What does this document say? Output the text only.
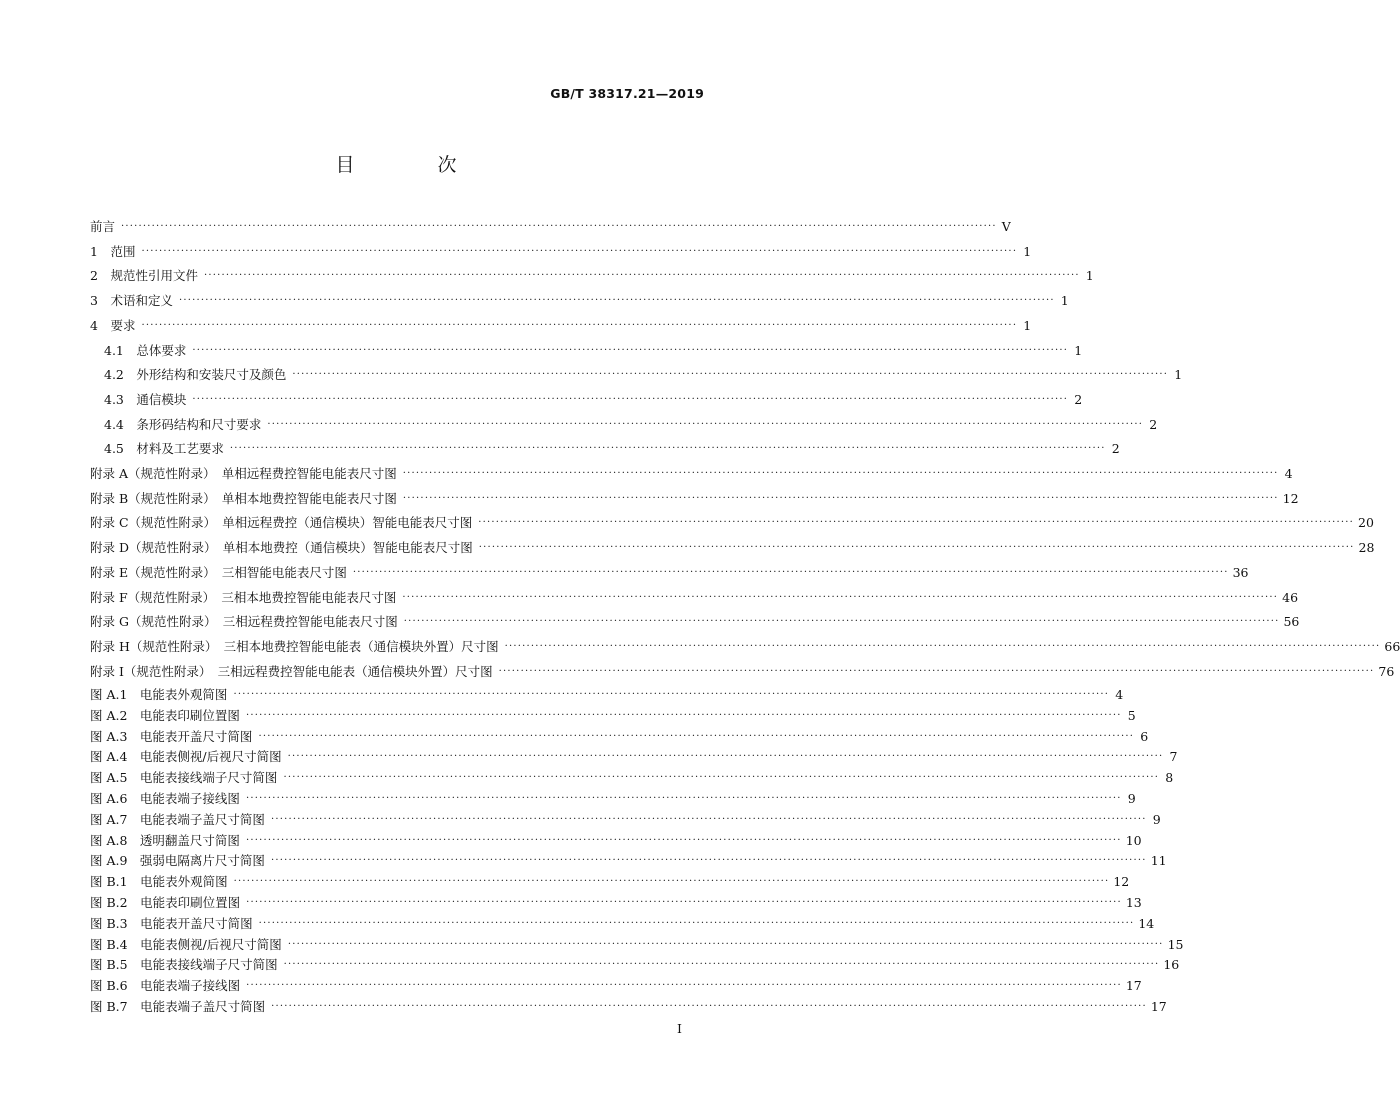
GB/T 38317.21—2019
目　次
前言 ········································································································································································································ V
1　范围 ········································································································································································································ 1
2　规范性引用文件 ········································································································································································································ 1
3　术语和定义 ········································································································································································································ 1
4　要求 ········································································································································································································ 1
4.1　总体要求 ········································································································································································································ 1
4.2　外形结构和安装尺寸及颜色 ········································································································································································································ 1
4.3　通信模块 ········································································································································································································ 2
4.4　条形码结构和尺寸要求 ········································································································································································································ 2
4.5　材料及工艺要求 ········································································································································································································ 2
附录 A（规范性附录）　单相远程费控智能电能表尺寸图 ········································································································································································································ 4
附录 B（规范性附录）　单相本地费控智能电能表尺寸图 ········································································································································································································ 12
附录 C（规范性附录）　单相远程费控（通信模块）智能电能表尺寸图 ········································································································································································································ 20
附录 D（规范性附录）　单相本地费控（通信模块）智能电能表尺寸图 ········································································································································································································ 28
附录 E（规范性附录）　三相智能电能表尺寸图 ········································································································································································································ 36
附录 F（规范性附录）　三相本地费控智能电能表尺寸图 ········································································································································································································ 46
附录 G（规范性附录）　三相远程费控智能电能表尺寸图 ········································································································································································································ 56
附录 H（规范性附录）　三相本地费控智能电能表（通信模块外置）尺寸图 ········································································································································································································ 66
附录 I（规范性附录）　三相远程费控智能电能表（通信模块外置）尺寸图 ········································································································································································································ 76
图 A.1　电能表外观简图 ········································································································································································································ 4
图 A.2　电能表印刷位置图 ········································································································································································································ 5
图 A.3　电能表开盖尺寸简图 ········································································································································································································ 6
图 A.4　电能表侧视/后视尺寸简图 ········································································································································································································ 7
图 A.5　电能表接线端子尺寸简图 ········································································································································································································ 8
图 A.6　电能表端子接线图 ········································································································································································································ 9
图 A.7　电能表端子盖尺寸简图 ········································································································································································································ 9
图 A.8　透明翻盖尺寸简图 ········································································································································································································ 10
图 A.9　强弱电隔离片尺寸简图 ········································································································································································································ 11
图 B.1　电能表外观简图 ········································································································································································································ 12
图 B.2　电能表印刷位置图 ········································································································································································································ 13
图 B.3　电能表开盖尺寸简图 ········································································································································································································ 14
图 B.4　电能表侧视/后视尺寸简图 ········································································································································································································ 15
图 B.5　电能表接线端子尺寸简图 ········································································································································································································ 16
图 B.6　电能表端子接线图 ········································································································································································································ 17
图 B.7　电能表端子盖尺寸简图 ········································································································································································································ 17
I
